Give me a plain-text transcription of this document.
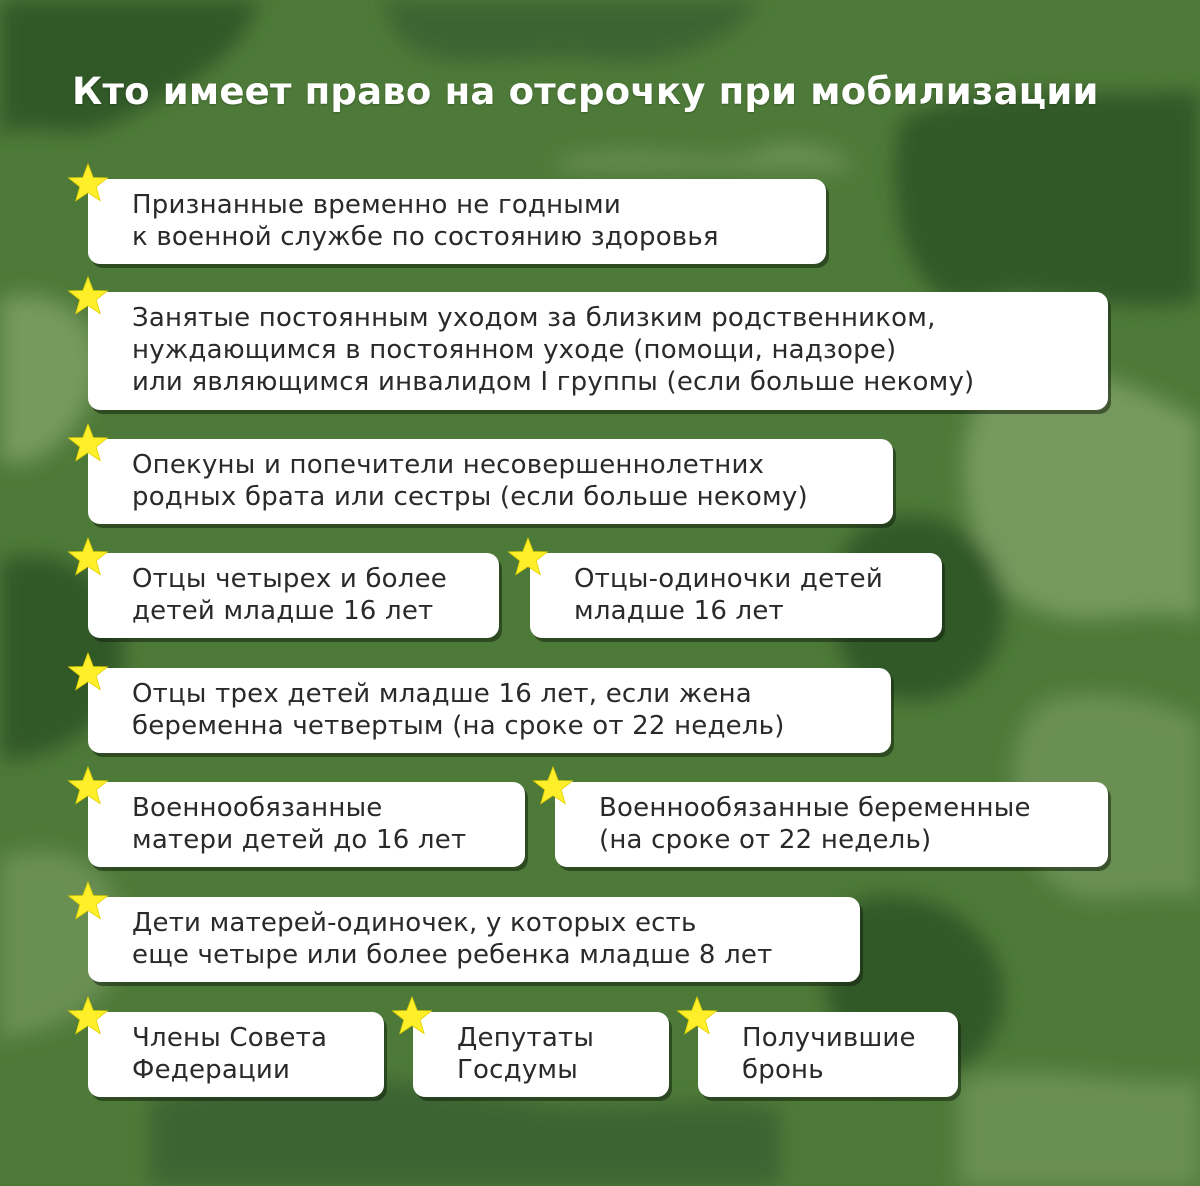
Кто имеет право на отсрочку при мобилизации

Признанные временно не годными
к военной службе по состоянию здоровья

Занятые постоянным уходом за близким родственником,
нуждающимся в постоянном уходе (помощи, надзоре)
или являющимся инвалидом I группы (если больше некому)

Опекуны и попечители несовершеннолетних
родных брата или сестры (если больше некому)

Отцы четырех и более
детей младше 16 лет

Отцы-одиночки детей
младше 16 лет

Отцы трех детей младше 16 лет, если жена
беременна четвертым (на сроке от 22 недель)

Военнообязанные
матери детей до 16 лет

Военнообязанные беременные
(на сроке от 22 недель)

Дети матерей-одиночек, у которых есть
еще четыре или более ребенка младше 8 лет

Члены Совета
Федерации

Депутаты
Госдумы

Получившие
бронь
